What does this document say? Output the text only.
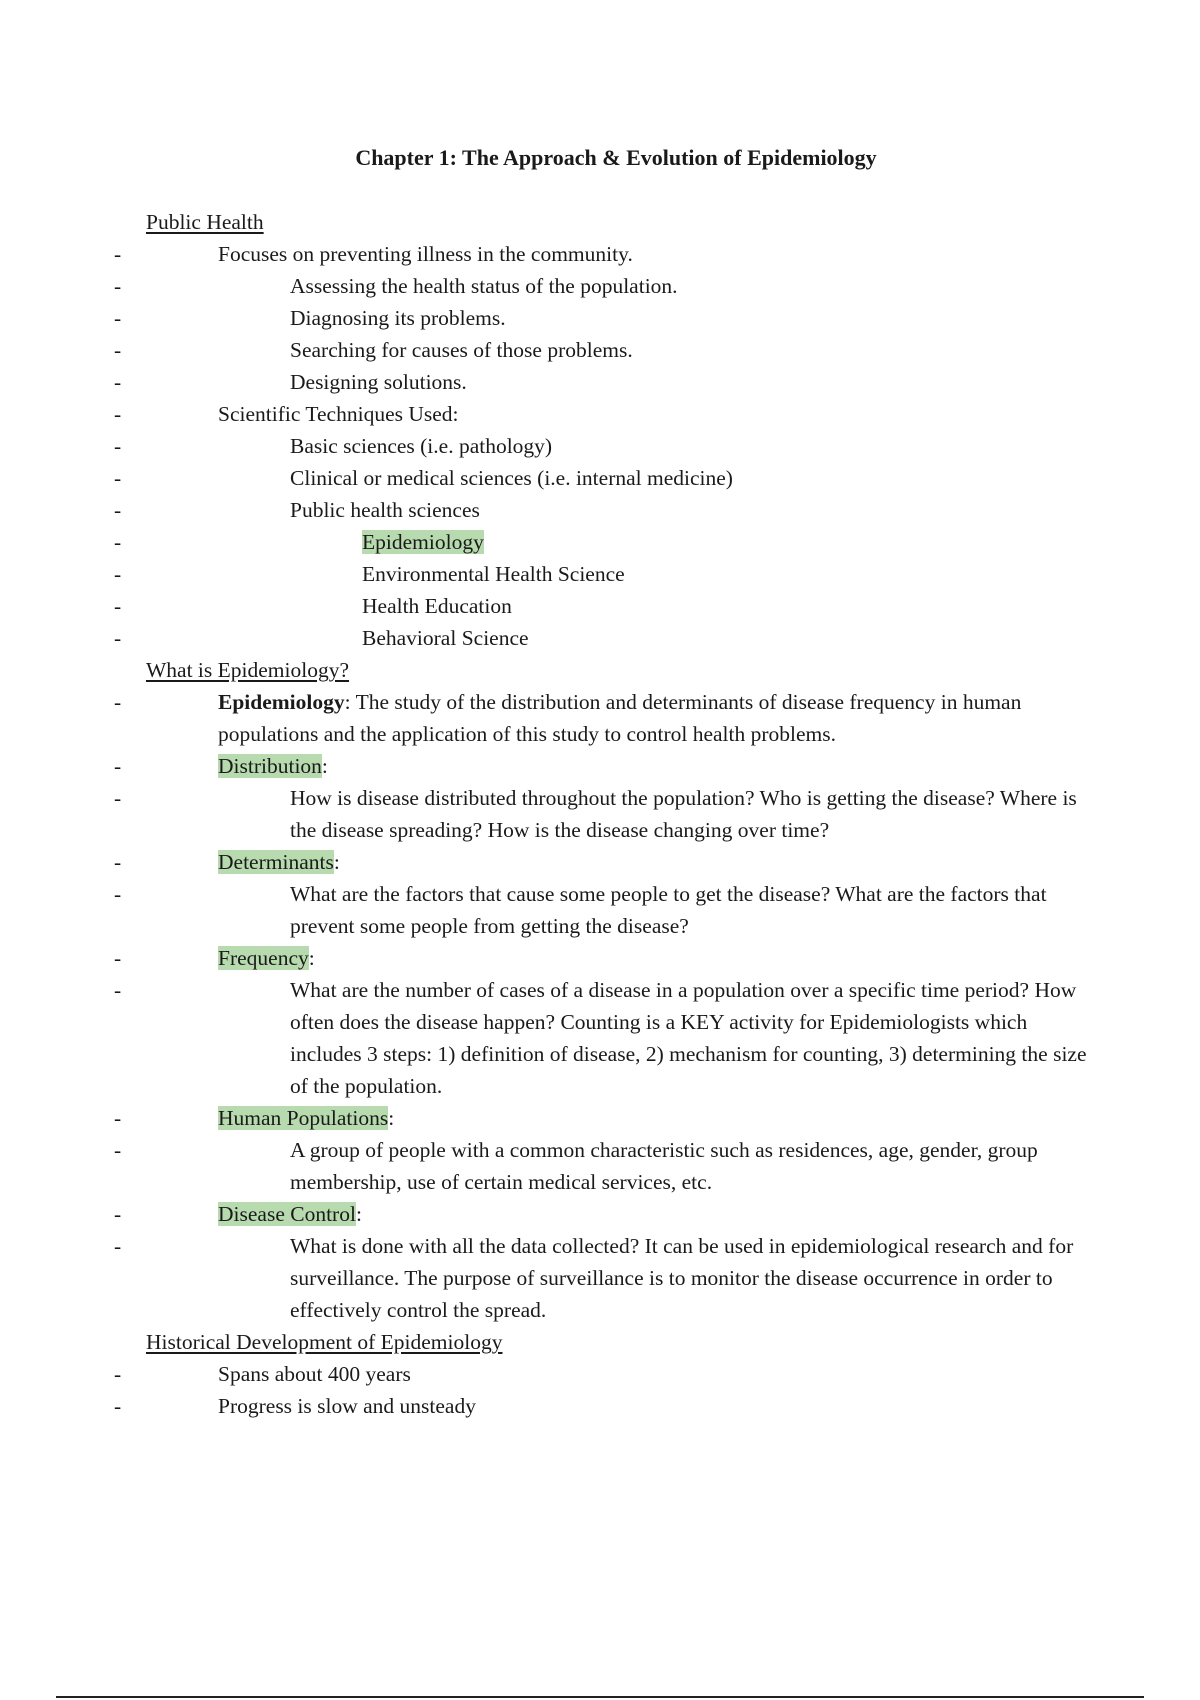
Chapter 1: The Approach & Evolution of Epidemiology
Public Health
-	Focuses on preventing illness in the community.
-	Assessing the health status of the population.
-	Diagnosing its problems.
-	Searching for causes of those problems.
-	Designing solutions.
-	Scientific Techniques Used:
-	Basic sciences (i.e. pathology)
-	Clinical or medical sciences (i.e. internal medicine)
-	Public health sciences
-	Epidemiology
-	Environmental Health Science
-	Health Education
-	Behavioral Science
What is Epidemiology?
-	Epidemiology: The study of the distribution and determinants of disease frequency in human populations and the application of this study to control health problems.
-	Distribution:
-	How is disease distributed throughout the population? Who is getting the disease? Where is the disease spreading? How is the disease changing over time?
-	Determinants:
-	What are the factors that cause some people to get the disease? What are the factors that prevent some people from getting the disease?
-	Frequency:
-	What are the number of cases of a disease in a population over a specific time period? How often does the disease happen? Counting is a KEY activity for Epidemiologists which includes 3 steps: 1) definition of disease, 2) mechanism for counting, 3) determining the size of the population.
-	Human Populations:
-	A group of people with a common characteristic such as residences, age, gender, group membership, use of certain medical services, etc.
-	Disease Control:
-	What is done with all the data collected? It can be used in epidemiological research and for surveillance. The purpose of surveillance is to monitor the disease occurrence in order to effectively control the spread.
Historical Development of Epidemiology
-	Spans about 400 years
-	Progress is slow and unsteady
